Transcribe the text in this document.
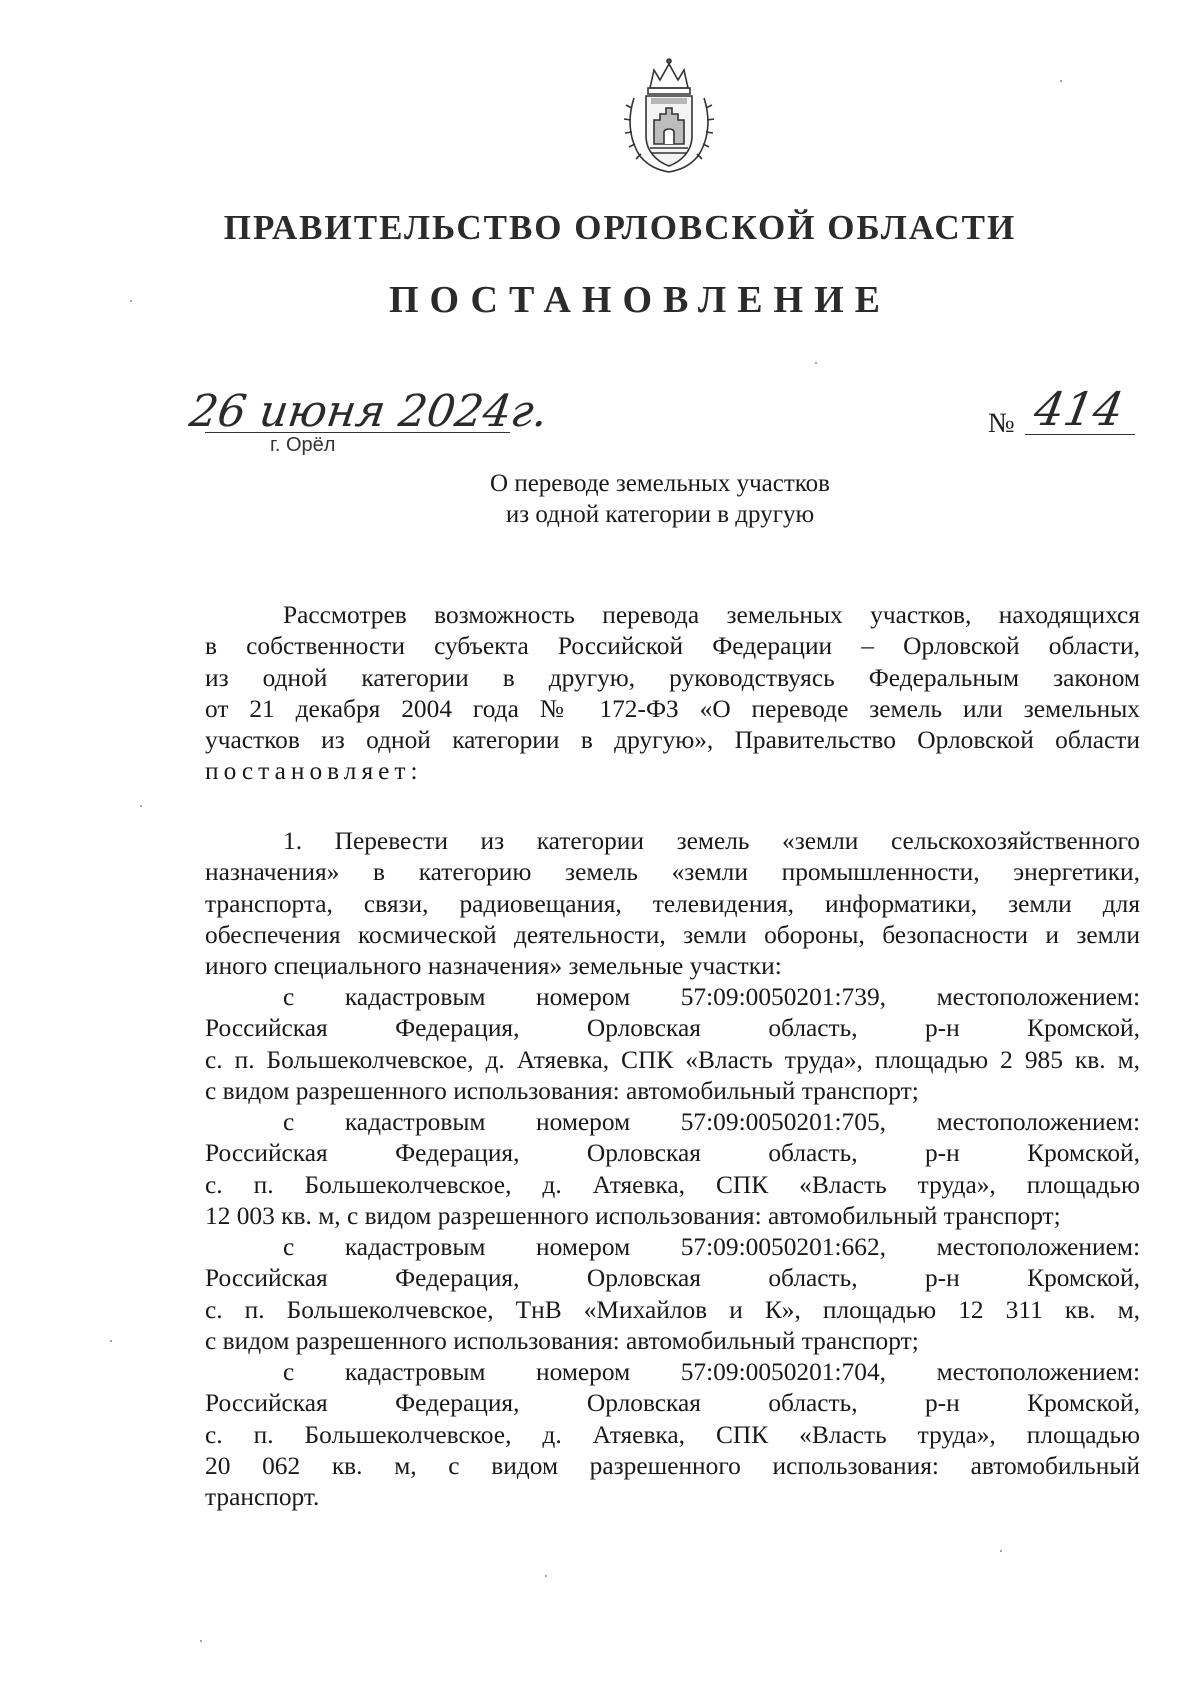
ПРАВИТЕЛЬСТВО ОРЛОВСКОЙ ОБЛАСТИ
ПОСТАНОВЛЕНИЕ
26 июня 2024г.
г. Орёл
№ 414
О переводе земельных участков
из одной категории в другую
Рассмотрев возможность перевода земельных участков, находящихся
в собственности субъекта Российской Федерации – Орловской области,
из одной категории в другую, руководствуясь Федеральным законом
от 21 декабря 2004 года № 172-ФЗ «О переводе земель или земельных
участков из одной категории в другую», Правительство Орловской области
постановляет:
1. Перевести из категории земель «земли сельскохозяйственного
назначения» в категорию земель «земли промышленности, энергетики,
транспорта, связи, радиовещания, телевидения, информатики, земли для
обеспечения космической деятельности, земли обороны, безопасности и земли
иного специального назначения» земельные участки:
с кадастровым номером 57:09:0050201:739, местоположением:
Российская Федерация, Орловская область, р-н Кромской,
с. п. Большеколчевское, д. Атяевка, СПК «Власть труда», площадью 2 985 кв. м,
с видом разрешенного использования: автомобильный транспорт;
с кадастровым номером 57:09:0050201:705, местоположением:
Российская Федерация, Орловская область, р-н Кромской,
с. п. Большеколчевское, д. Атяевка, СПК «Власть труда», площадью
12 003 кв. м, с видом разрешенного использования: автомобильный транспорт;
с кадастровым номером 57:09:0050201:662, местоположением:
Российская Федерация, Орловская область, р-н Кромской,
с. п. Большеколчевское, ТнВ «Михайлов и К», площадью 12 311 кв. м,
с видом разрешенного использования: автомобильный транспорт;
с кадастровым номером 57:09:0050201:704, местоположением:
Российская Федерация, Орловская область, р-н Кромской,
с. п. Большеколчевское, д. Атяевка, СПК «Власть труда», площадью
20 062 кв. м, с видом разрешенного использования: автомобильный
транспорт.
